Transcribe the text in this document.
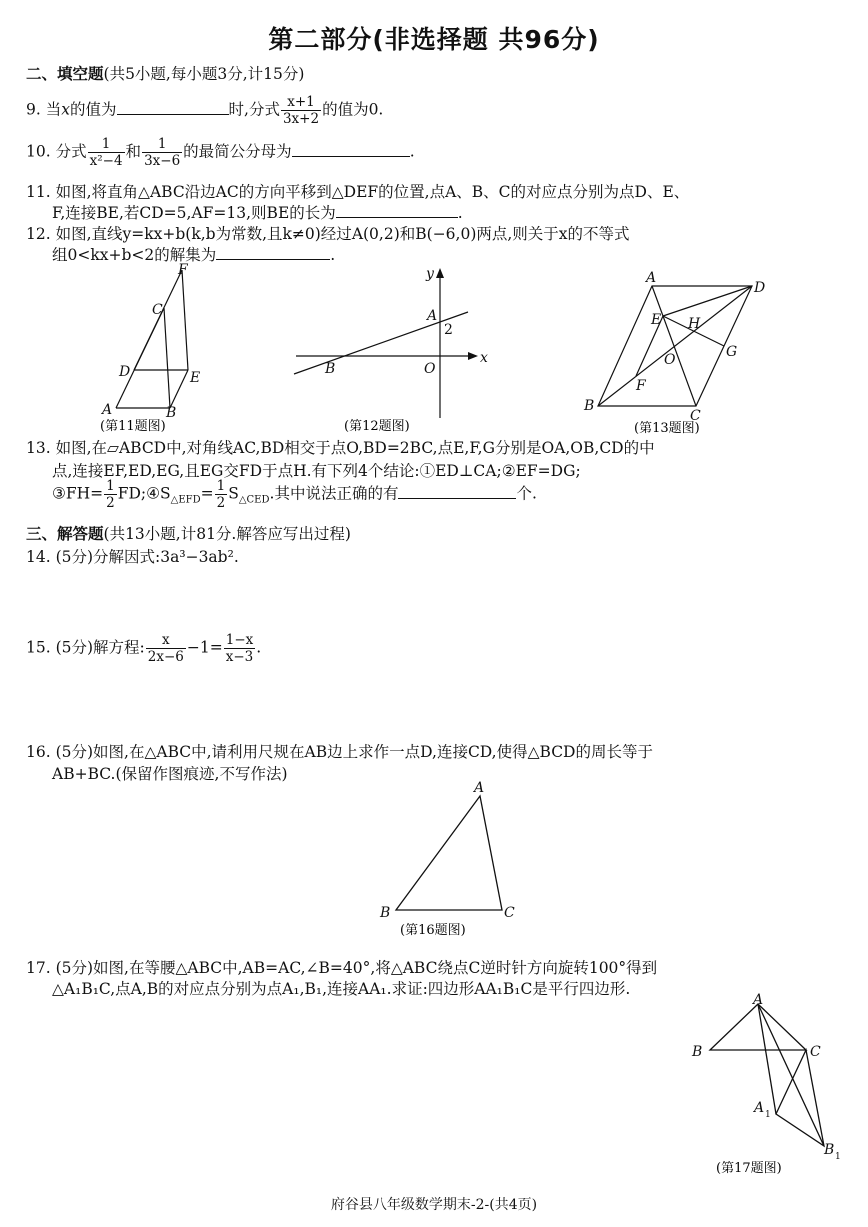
第二部分(非选择题 共96分)
二、填空题(共5小题,每小题3分,计15分)
9. 当x的值为	时,分式 $\frac{x+1}{3x+2}$ 的值为0.
10. 分式 $\frac{1}{\text{x²−4}}$ 和 $\frac{1}{3x-6}$ 的最简公分母为	.
11. 如图,将直角△ABC沿边AC的方向平移到△DEF的位置,点A、B、C的对应点分别为点D、E、
F,连接BE,若CD=5,AF=13,则BE的长为	.
12. 如图,直线y=kx+b(k,b为常数,且k≠0)经过A(0,2)和B(−6,0)两点,则关于x的不等式
组0<kx+b<2的解集为	.
F
C
D	E
A	B
(第11题图)
y
A
2
x
B	O
(第12题图)
A
D
E H
G
O
F
B
C
(第13题图)
13. 如图,在▱ABCD中,对角线AC,BD相交于点O,BD=2BC,点E,F,G分别是OA,OB,CD的中
点,连接EF,ED,EG,且EG交FD于点H.有下列4个结论:①ED⊥CA;②EF=DG;
③FH= $\frac{1}{2}$ $FD;④S_{\triangle EFD}= \frac{1}{2} S_{\triangle CED}$.其中说法正确的有	个.
三、解答题(共13小题,计81分.解答应写出过程)
14. (5分)分解因式:3a³−3ab².
15. (5分)解方程: $\frac{x}{2x-6} -1= \frac{1-x}{x-3}$ .
16. (5分)如图,在△ABC中,请利用尺规在AB边上求作一点D,连接CD,使得△BCD的周长等于
AB+BC.(保留作图痕迹,不写作法)
A
B	C
(第16题图)
17. (5分)如图,在等腰△ABC中,AB=AC,∠B=40°,将△ABC绕点C逆时针方向旋转100°得到
△A₁B₁C,点A,B的对应点分别为点A₁,B₁,连接AA₁.求证:四边形AA₁B₁C是平行四边形.
A
B	C
A 1
B 1
(第17题图)
府谷县八年级数学期末-2-(共4页)
